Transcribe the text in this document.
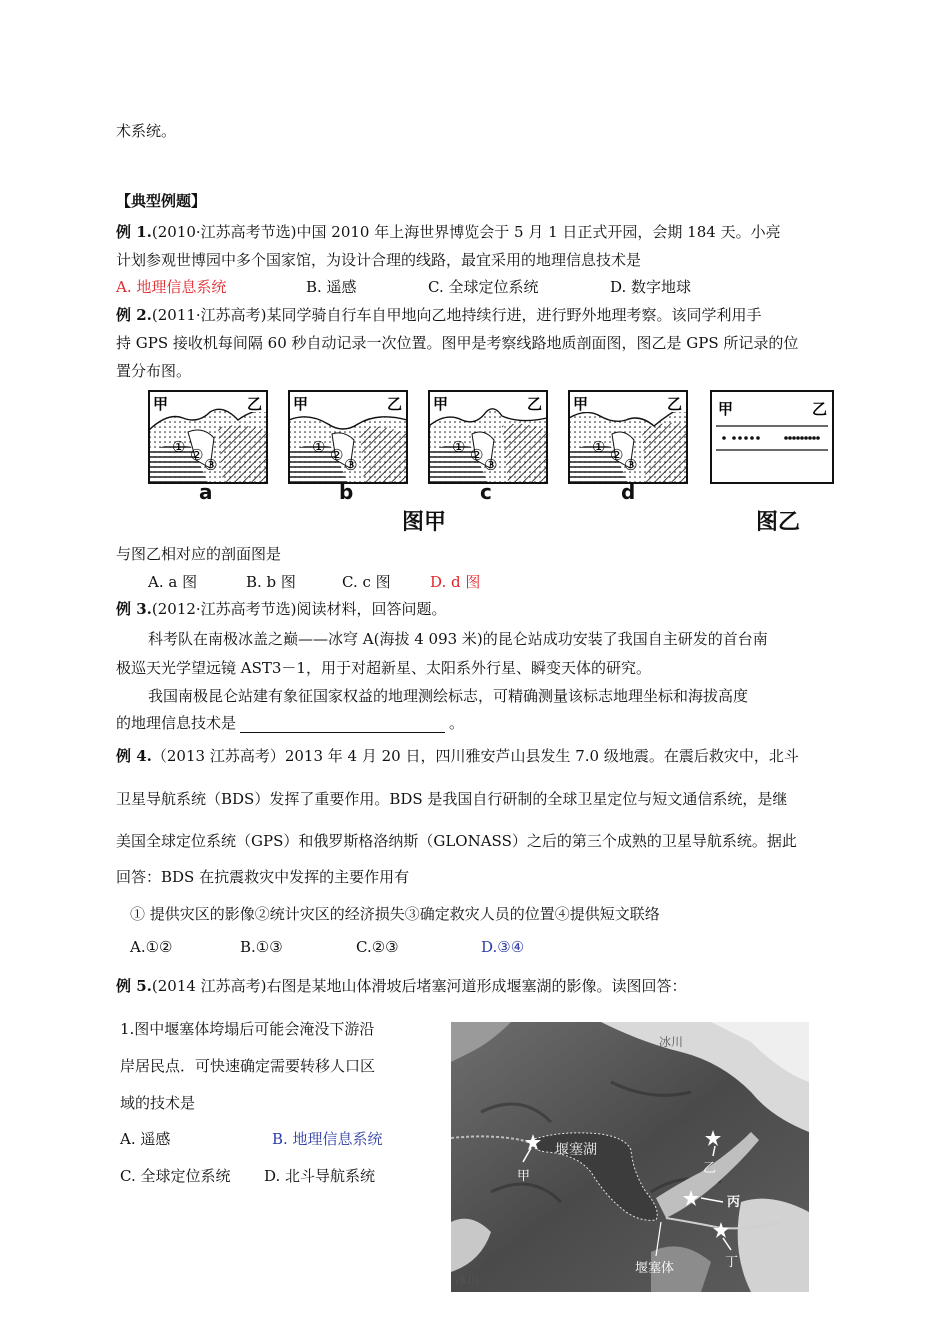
术系统。
【典型例题】
例 1.(2010·江苏高考节选)中国 2010 年上海世界博览会于 5 月 1 日正式开园，会期 184 天。小亮
计划参观世博园中多个国家馆，为设计合理的线路，最宜采用的地理信息技术是
A. 地理信息系统	B. 遥感	C. 全球定位系统	D. 数字地球
例 2.(2011·江苏高考)某同学骑自行车自甲地向乙地持续行进，进行野外地理考察。该同学利用手
持 GPS 接收机每间隔 60 秒自动记录一次位置。图甲是考察线路地质剖面图，图乙是 GPS 所记录的位
置分布图。
① ②
③
甲	乙
① ②
③
甲	乙
① ②
③
甲	乙
① ②
③
甲	乙 甲	乙
a	b	c	d
图甲	图乙
与图乙相对应的剖面图是
A. a 图	B. b 图	C. c 图	D. d 图
例 3.(2012·江苏高考节选)阅读材料，回答问题。
科考队在南极冰盖之巅——冰穹 A(海拔 4 093 米)的昆仑站成功安装了我国自主研发的首台南
极巡天光学望远镜 AST3－1，用于对超新星、太阳系外行星、瞬变天体的研究。
我国南极昆仑站建有象征国家权益的地理测绘标志，可精确测量该标志地理坐标和海拔高度
的地理信息技术是	。
例 4.（2013 江苏高考）2013 年 4 月 20 日，四川雅安芦山县发生 7.0 级地震。在震后救灾中，北斗
卫星导航系统（BDS）发挥了重要作用。BDS 是我国自行研制的全球卫星定位与短文通信系统，是继
美国全球定位系统（GPS）和俄罗斯格洛纳斯（GLONASS）之后的第三个成熟的卫星导航系统。据此
回答：BDS 在抗震救灾中发挥的主要作用有
① 提供灾区的影像②统计灾区的经济损失③确定救灾人员的位置④提供短文联络
A.①②	B.①③	C.②③	D.③④
例 5.(2014 江苏高考)右图是某地山体滑坡后堵塞河道形成堰塞湖的影像。读图回答：
1.图中堰塞体垮塌后可能会淹没下游沿
岸居民点．可快速确定需要转移人口区
域的技术是
A. 遥感	B. 地理信息系统
C. 全球定位系统 D. 北斗导航系统
冰川
堰塞湖
甲
乙
丙
丁
堰塞体
冰川
